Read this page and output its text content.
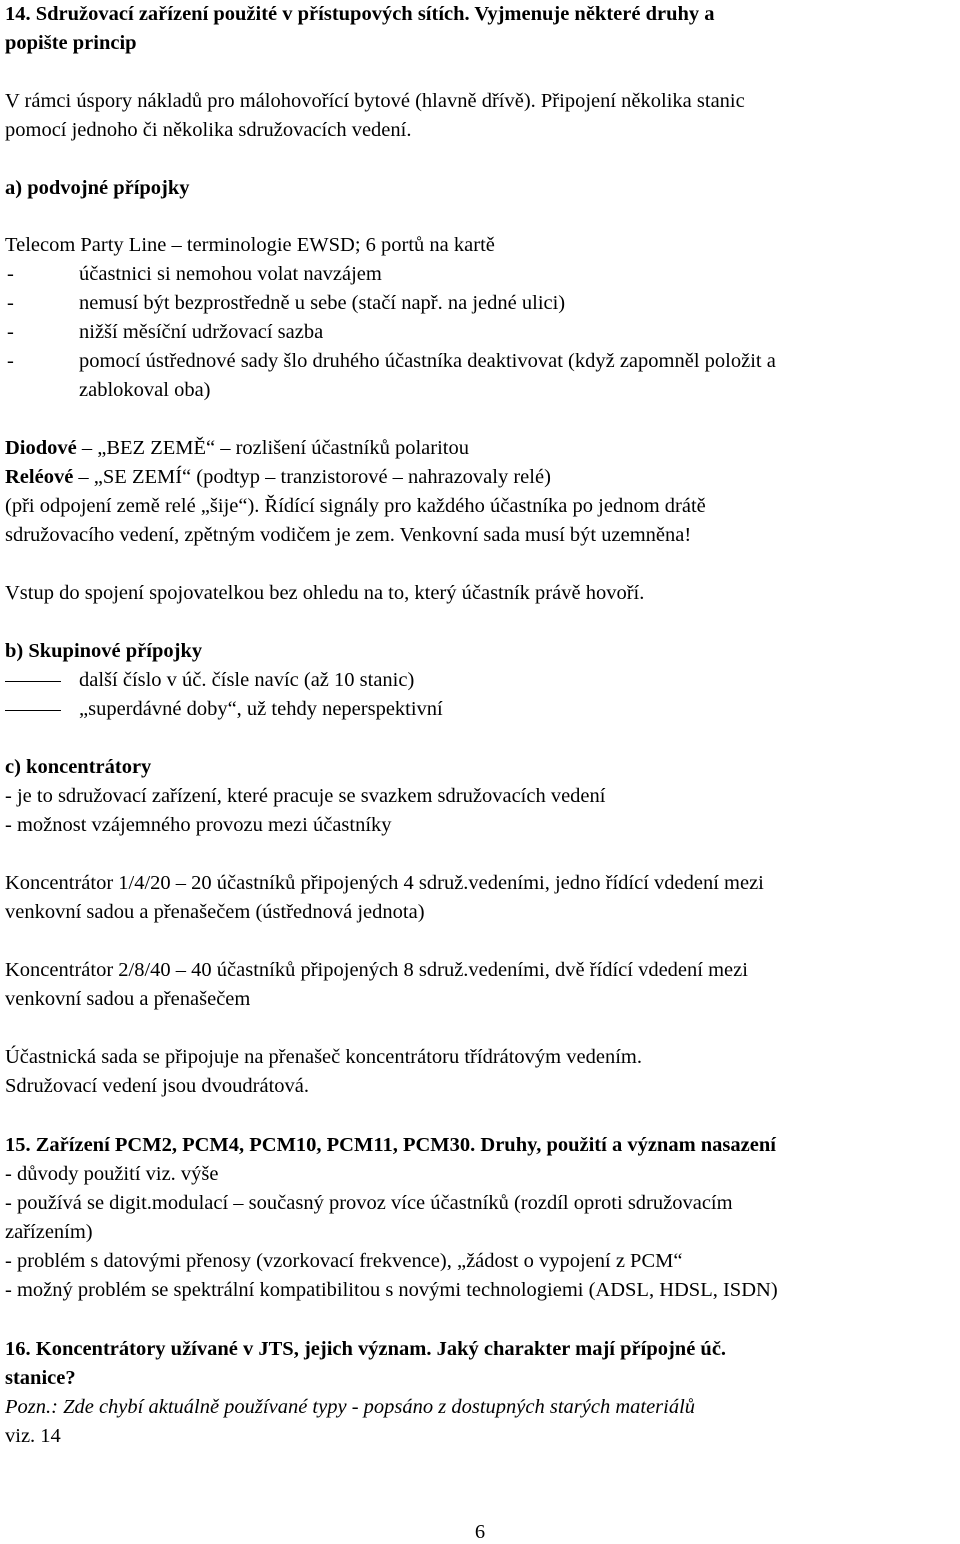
14. Sdružovací zařízení použité v přístupových sítích. Vyjmenuje některé druhy a
popište princip
V rámci úspory nákladů pro málohovořící bytové (hlavně dřívě). Připojení několika stanic
pomocí jednoho či několika sdružovacích vedení.
a) podvojné přípojky
Telecom Party Line – terminologie EWSD; 6 portů na kartě
-	účastnici si nemohou volat navzájem
-	nemusí být bezprostředně u sebe (stačí např. na jedné ulici)
-	nižší měsíční udržovací sazba
-	pomocí ústřednové sady šlo druhého účastníka deaktivovat (když zapomněl položit a
zablokoval oba)
Diodové – „BEZ ZEMĚ“ – rozlišení účastníků polaritou
Reléové – „SE ZEMÍ“ (podtyp – tranzistorové – nahrazovaly relé)
(při odpojení země relé „šije“). Řídící signály pro každého účastníka po jednom drátě
sdružovacího vedení, zpětným vodičem je zem. Venkovní sada musí být uzemněna!
Vstup do spojení spojovatelkou bez ohledu na to, který účastník právě hovoří.
b) Skupinové přípojky
další číslo v úč. čísle navíc (až 10 stanic)
„superdávné doby“, už tehdy neperspektivní
c) koncentrátory
- je to sdružovací zařízení, které pracuje se svazkem sdružovacích vedení
- možnost vzájemného provozu mezi účastníky
Koncentrátor 1/4/20 – 20 účastníků připojených 4 sdruž.vedeními, jedno řídící vdedení mezi
venkovní sadou a přenašečem (ústřednová jednota)
Koncentrátor 2/8/40 – 40 účastníků připojených 8 sdruž.vedeními, dvě řídící vdedení mezi
venkovní sadou a přenašečem
Účastnická sada se připojuje na přenašeč koncentrátoru třídrátovým vedením.
Sdružovací vedení jsou dvoudrátová.
15. Zařízení PCM2, PCM4, PCM10, PCM11, PCM30. Druhy, použití a význam nasazení
- důvody použití viz. výše
- používá se digit.modulací – současný provoz více účastníků (rozdíl oproti sdružovacím
zařízením)
- problém s datovými přenosy (vzorkovací frekvence), „žádost o vypojení z PCM“
- možný problém se spektrální kompatibilitou s novými technologiemi (ADSL, HDSL, ISDN)
16. Koncentrátory užívané v JTS, jejich význam. Jaký charakter mají přípojné úč.
stanice?
Pozn.: Zde chybí aktuálně používané typy - popsáno z dostupných starých materiálů
viz. 14
6
